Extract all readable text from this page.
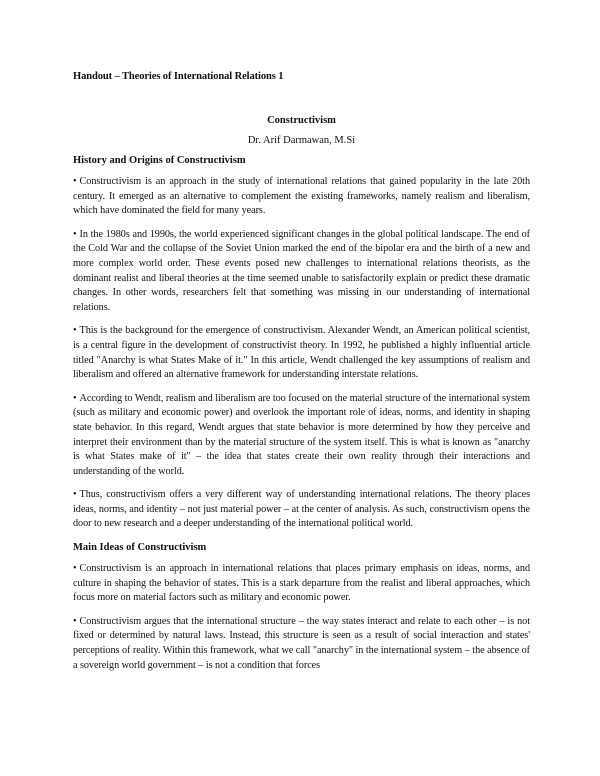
Handout – Theories of International Relations 1
Constructivism
Dr. Arif Darmawan, M.Si
History and Origins of Constructivism

• Constructivism is an approach in the study of international relations that gained popularity in the late 20th century. It emerged as an alternative to complement the existing frameworks, namely realism and liberalism, which have dominated the field for many years.

• In the 1980s and 1990s, the world experienced significant changes in the global political landscape. The end of the Cold War and the collapse of the Soviet Union marked the end of the bipolar era and the birth of a new and more complex world order. These events posed new challenges to international relations theorists, as the dominant realist and liberal theories at the time seemed unable to satisfactorily explain or predict these dramatic changes. In other words, researchers felt that something was missing in our understanding of international relations.

• This is the background for the emergence of constructivism. Alexander Wendt, an American political scientist, is a central figure in the development of constructivist theory. In 1992, he published a highly influential article titled "Anarchy is what States Make of it." In this article, Wendt challenged the key assumptions of realism and liberalism and offered an alternative framework for understanding interstate relations.

• According to Wendt, realism and liberalism are too focused on the material structure of the international system (such as military and economic power) and overlook the important role of ideas, norms, and identity in shaping state behavior. In this regard, Wendt argues that state behavior is more determined by how they perceive and interpret their environment than by the material structure of the system itself. This is what is known as "anarchy is what States make of it" – the idea that states create their own reality through their interactions and understanding of the world.

• Thus, constructivism offers a very different way of understanding international relations. The theory places ideas, norms, and identity – not just material power – at the center of analysis. As such, constructivism opens the door to new research and a deeper understanding of the international political world.

Main Ideas of Constructivism

• Constructivism is an approach in international relations that places primary emphasis on ideas, norms, and culture in shaping the behavior of states. This is a stark departure from the realist and liberal approaches, which focus more on material factors such as military and economic power.

• Constructivism argues that the international structure – the way states interact and relate to each other – is not fixed or determined by natural laws. Instead, this structure is seen as a result of social interaction and states' perceptions of reality. Within this framework, what we call "anarchy" in the international system – the absence of a sovereign world government – is not a condition that forces
